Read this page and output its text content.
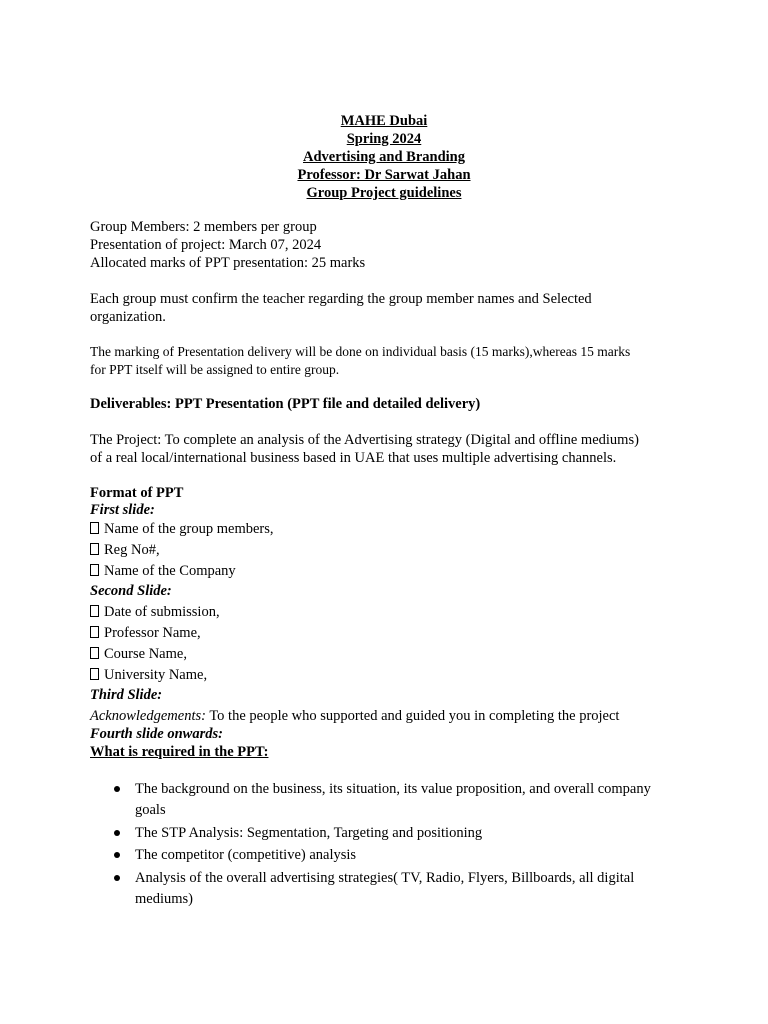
MAHE Dubai
Spring 2024
Advertising and Branding
Professor: Dr Sarwat Jahan
Group Project guidelines
Group Members: 2 members per group
Presentation of project: March 07, 2024
Allocated marks of PPT presentation: 25 marks
Each group must confirm the teacher regarding the group member names and Selected
organization.
The marking of Presentation delivery will be done on individual basis (15 marks),whereas 15 marks
for PPT itself will be assigned to entire group.
Deliverables: PPT Presentation (PPT file and detailed delivery)
The Project: To complete an analysis of the Advertising strategy (Digital and offline mediums)
of a real local/international business based in UAE that uses multiple advertising channels.
Format of PPT
First slide:
Name of the group members,
Reg No#,
Name of the Company
Second Slide:
Date of submission,
Professor Name,
Course Name,
University Name,
Third Slide:
Acknowledgements: To the people who supported and guided you in completing the project
Fourth slide onwards:
What is required in the PPT:
The background on the business, its situation, its value proposition, and overall company
goals
The STP Analysis: Segmentation, Targeting and positioning
The competitor (competitive) analysis
Analysis of the overall advertising strategies( TV, Radio, Flyers, Billboards, all digital
mediums)
